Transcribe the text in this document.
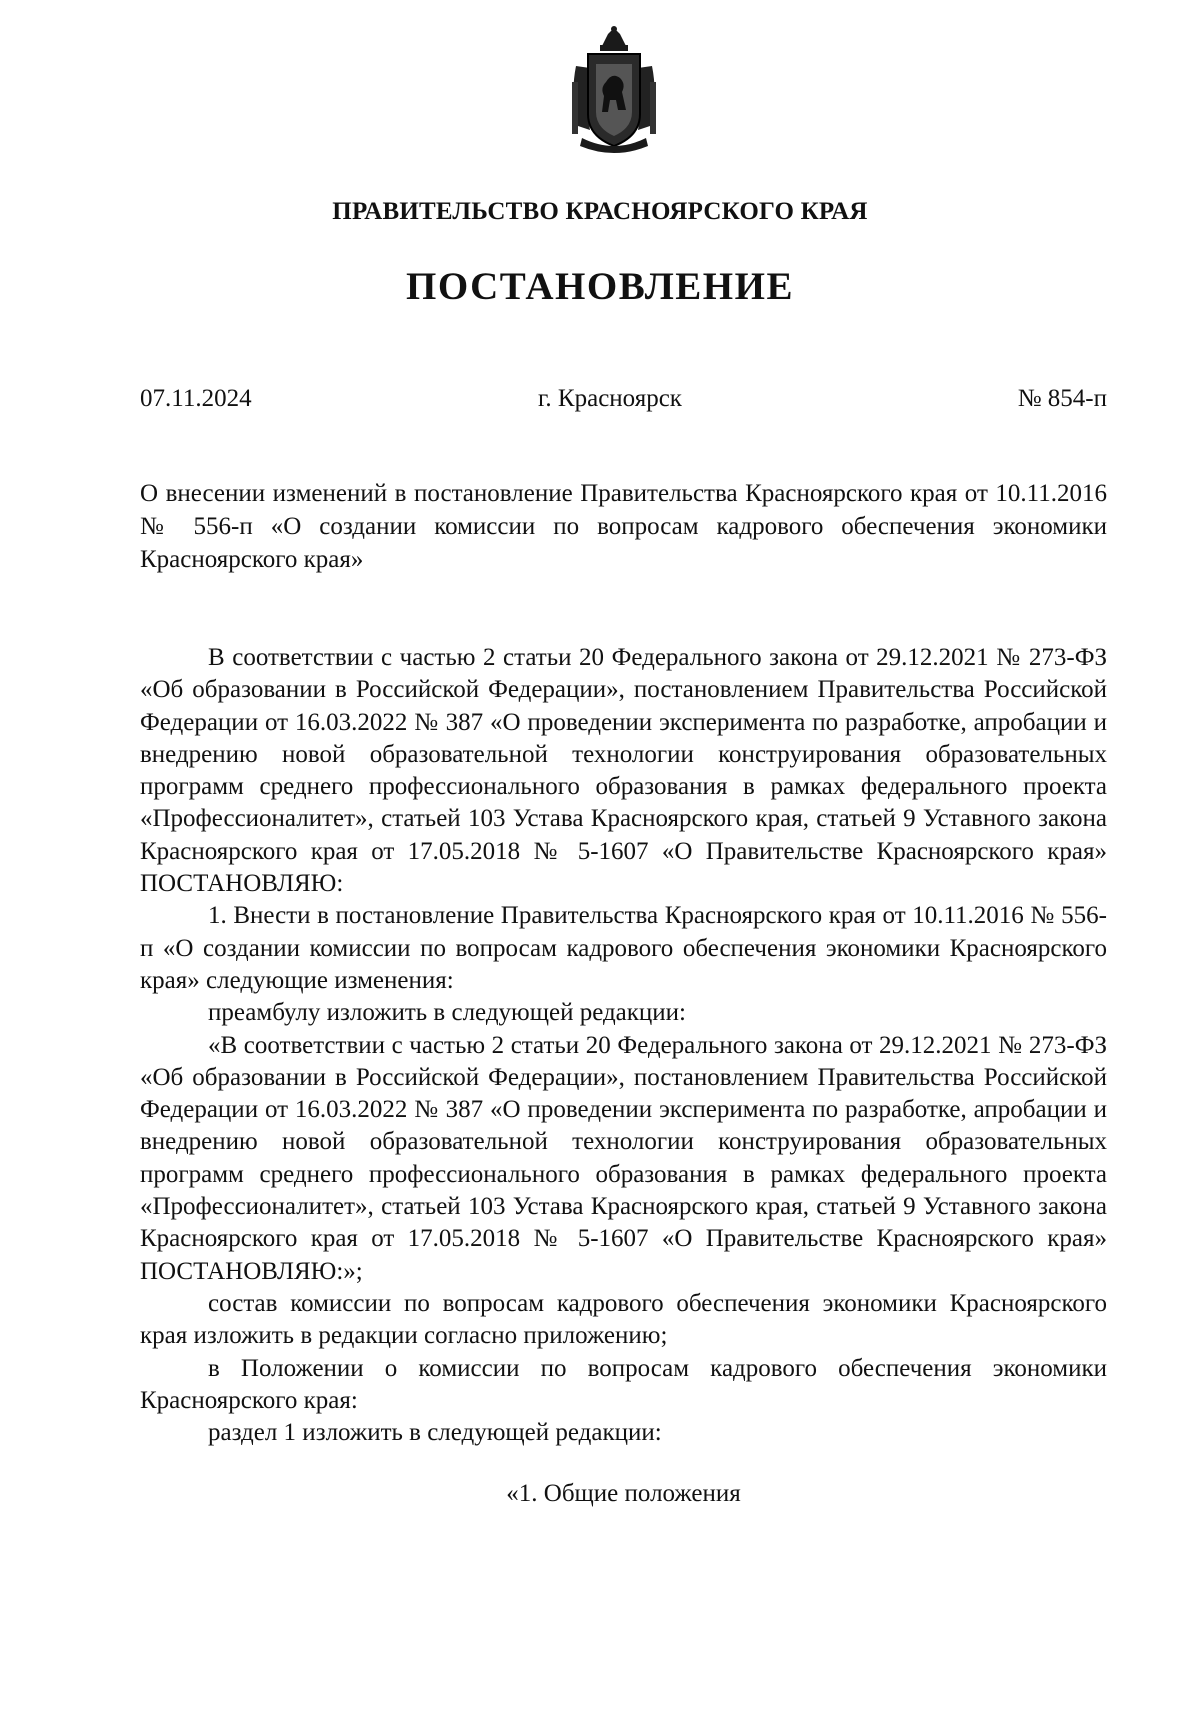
ПРАВИТЕЛЬСТВО КРАСНОЯРСКОГО КРАЯ
ПОСТАНОВЛЕНИЕ
07.11.2024	г. Красноярск	№ 854-п
О внесении изменений в постановление Правительства Красноярского края от 10.11.2016 № 556-п «О создании комиссии по вопросам кадрового обеспечения экономики Красноярского края»

В соответствии с частью 2 статьи 20 Федерального закона от 29.12.2021 № 273-ФЗ «Об образовании в Российской Федерации», постановлением Правительства Российской Федерации от 16.03.2022 № 387 «О проведении эксперимента по разработке, апробации и внедрению новой образовательной технологии конструирования образовательных программ среднего профессионального образования в рамках федерального проекта «Профессионалитет», статьей 103 Устава Красноярского края, статьей 9 Уставного закона Красноярского края от 17.05.2018 № 5-1607 «О Правительстве Красноярского края» ПОСТАНОВЛЯЮ:

1. Внести в постановление Правительства Красноярского края от 10.11.2016 № 556-п «О создании комиссии по вопросам кадрового обеспечения экономики Красноярского края» следующие изменения:

преамбулу изложить в следующей редакции:

«В соответствии с частью 2 статьи 20 Федерального закона от 29.12.2021 № 273-ФЗ «Об образовании в Российской Федерации», постановлением Правительства Российской Федерации от 16.03.2022 № 387 «О проведении эксперимента по разработке, апробации и внедрению новой образовательной технологии конструирования образовательных программ среднего профессионального образования в рамках федерального проекта «Профессионалитет», статьей 103 Устава Красноярского края, статьей 9 Уставного закона Красноярского края от 17.05.2018 № 5-1607 «О Правительстве Красноярского края» ПОСТАНОВЛЯЮ:»;

состав комиссии по вопросам кадрового обеспечения экономики Красноярского края изложить в редакции согласно приложению;

в Положении о комиссии по вопросам кадрового обеспечения экономики Красноярского края:

раздел 1 изложить в следующей редакции:

«1. Общие положения
